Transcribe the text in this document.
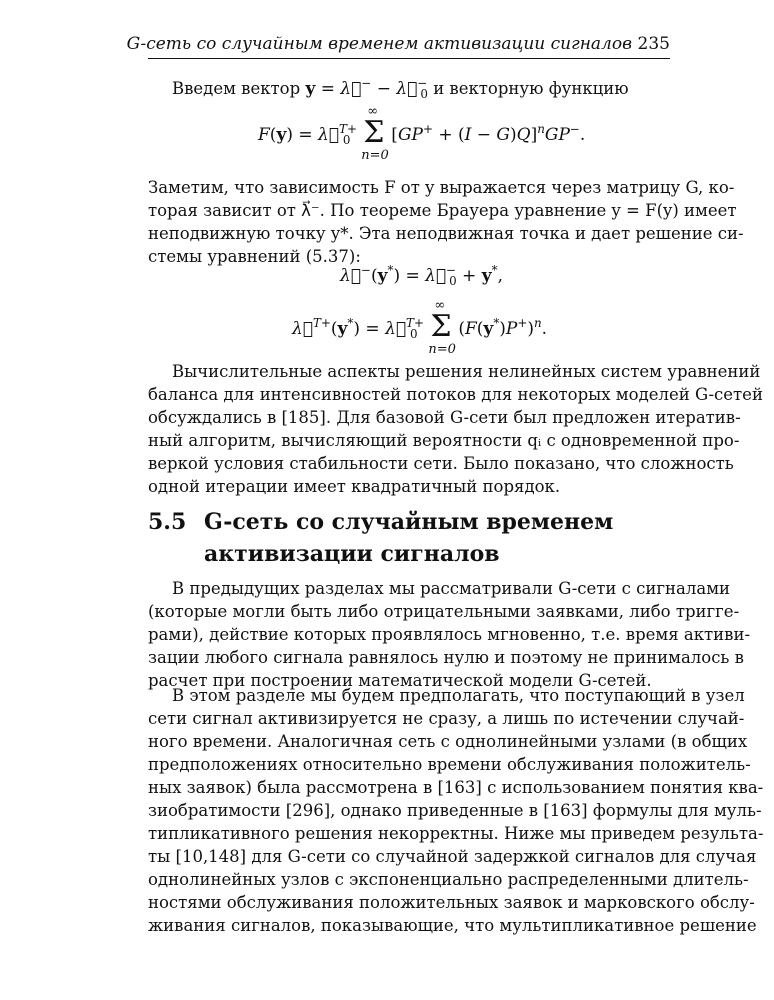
G-сеть со случайным временем активизации сигналов 235
Введем вектор y = λ⃗− − $\lambda⃗^-_0$ и векторную функцию
F(y) = λ⃗$^{T+}_0$ Σ
∞
n=0
$[GP^+ + (I - G)Q]^nGP^-$.
Заметим, что зависимость F от y выражается через матрицу G, ко-
торая зависит от λ⃗⁻. По теореме Брауера уравнение y = F(y) имеет
неподвижную точку y*. Эта неподвижная точка и дает решение си-
стемы уравнений (5.37):
λ⃗−(y*) = $\lambda⃗^-_0 + y^*$,
λ⃗$^{T+}$(y*) = λ⃗$^{T+}_0$ Σ
∞
n=0
$(F(y^*)P^+)^n$.
Вычислительные аспекты решения нелинейных систем уравнений
баланса для интенсивностей потоков для некоторых моделей G-сетей
обсуждались в [185]. Для базовой G-сети был предложен итератив-
ный алгоритм, вычисляющий вероятности qᵢ с одновременной про-
веркой условия стабильности сети. Было показано, что сложность
одной итерации имеет квадратичный порядок.
5.5 G-сеть со случайным временем
активизации сигналов
В предыдущих разделах мы рассматривали G-сети с сигналами
(которые могли быть либо отрицательными заявками, либо тригге-
рами), действие которых проявлялось мгновенно, т.е. время активи-
зации любого сигнала равнялось нулю и поэтому не принималось в
расчет при построении математической модели G-сетей.
В этом разделе мы будем предполагать, что поступающий в узел
сети сигнал активизируется не сразу, а лишь по истечении случай-
ного времени. Аналогичная сеть с однолинейными узлами (в общих
предположениях относительно времени обслуживания положитель-
ных заявок) была рассмотрена в [163] с использованием понятия ква-
зиобратимости [296], однако приведенные в [163] формулы для муль-
типликативного решения некорректны. Ниже мы приведем результа-
ты [10,148] для G-сети со случайной задержкой сигналов для случая
однолинейных узлов с экспоненциально распределенными длитель-
ностями обслуживания положительных заявок и марковского обслу-
живания сигналов, показывающие, что мультипликативное решение
